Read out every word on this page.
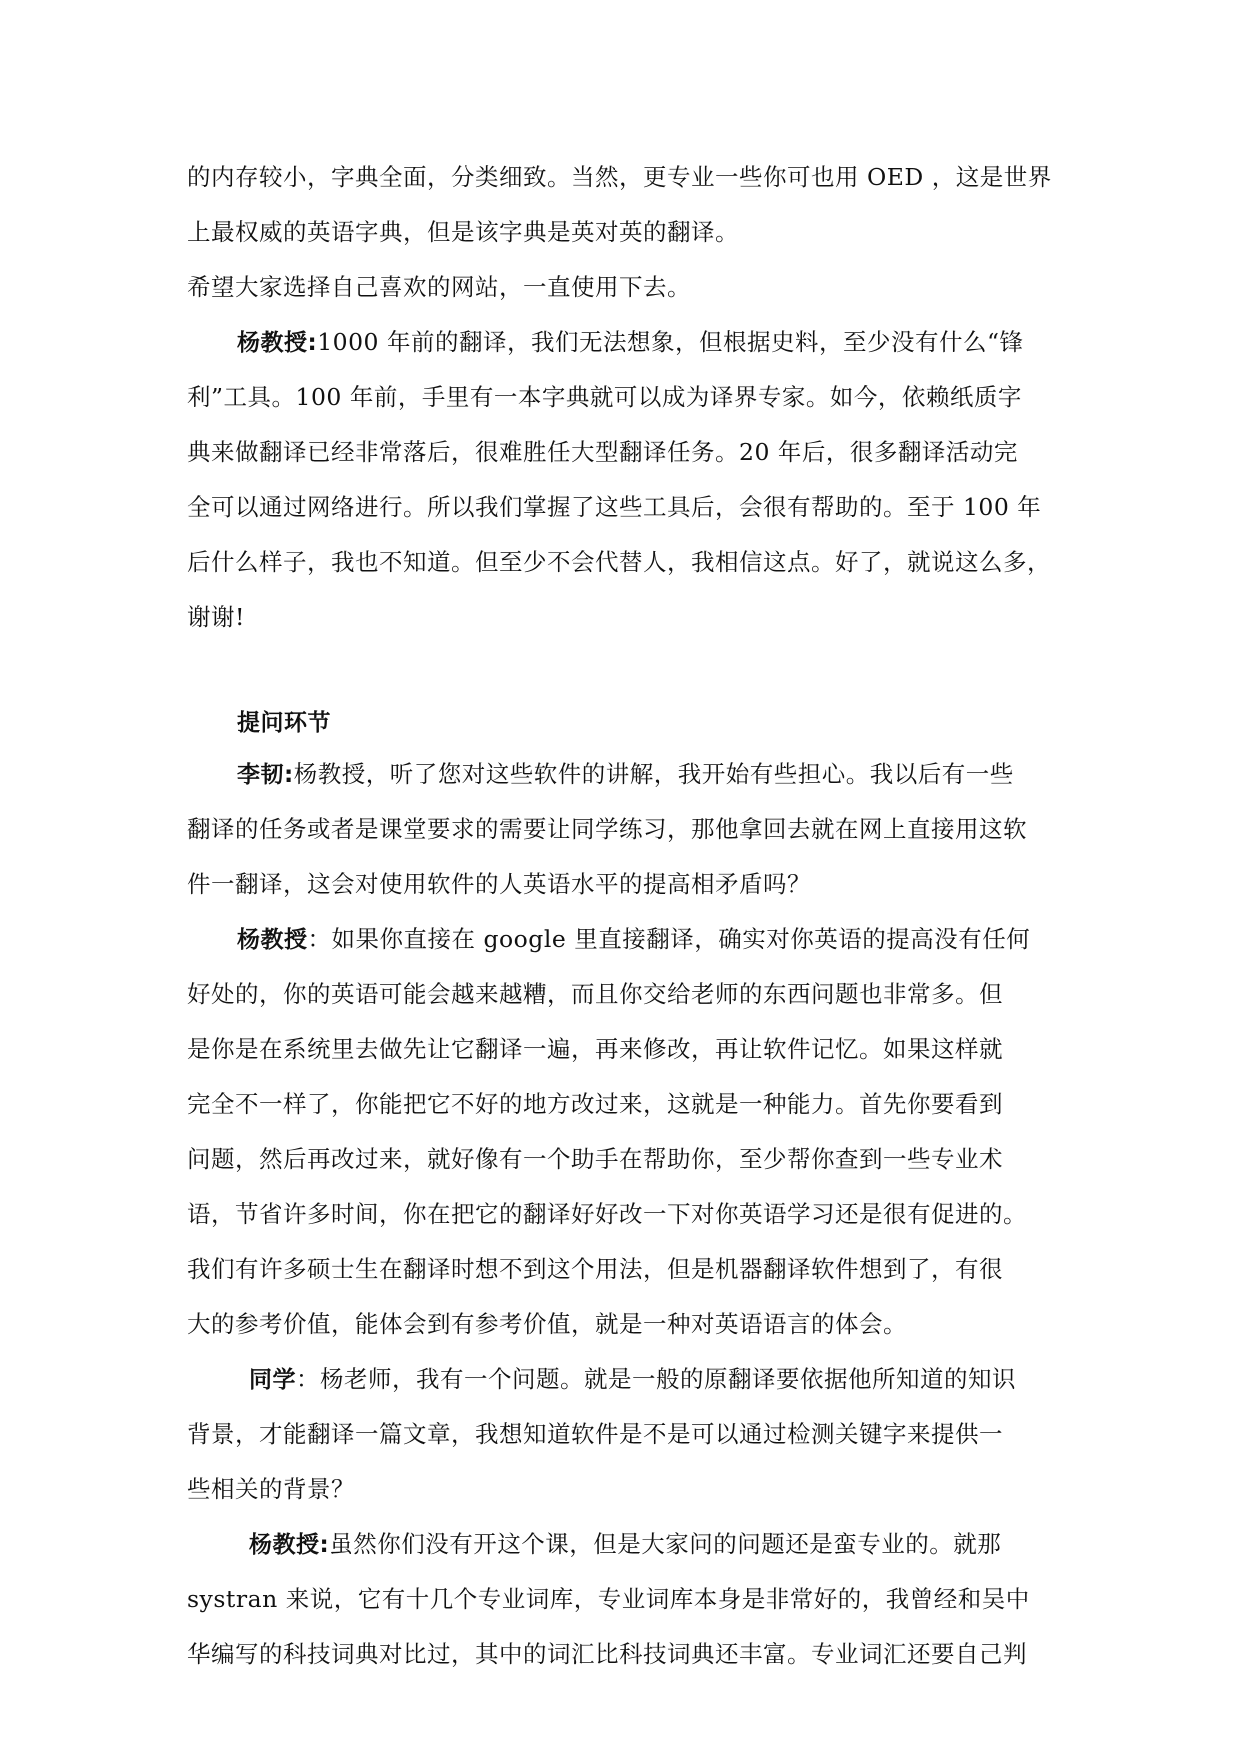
的内存较小，字典全面，分类细致。当然，更专业一些你可也用 OED ，这是世界
上最权威的英语字典，但是该字典是英对英的翻译。
希望大家选择自己喜欢的网站，一直使用下去。
杨教授:1000 年前的翻译，我们无法想象，但根据史料，至少没有什么“锋
利”工具。100 年前，手里有一本字典就可以成为译界专家。如今，依赖纸质字
典来做翻译已经非常落后，很难胜任大型翻译任务。20 年后，很多翻译活动完
全可以通过网络进行。所以我们掌握了这些工具后，会很有帮助的。至于 100 年
后什么样子，我也不知道。但至少不会代替人，我相信这点。好了，就说这么多，
谢谢!
提问环节
李韧:杨教授，听了您对这些软件的讲解，我开始有些担心。我以后有一些
翻译的任务或者是课堂要求的需要让同学练习，那他拿回去就在网上直接用这软
件一翻译，这会对使用软件的人英语水平的提高相矛盾吗？
杨教授：如果你直接在 google 里直接翻译，确实对你英语的提高没有任何
好处的，你的英语可能会越来越糟，而且你交给老师的东西问题也非常多。但
是你是在系统里去做先让它翻译一遍，再来修改，再让软件记忆。如果这样就
完全不一样了，你能把它不好的地方改过来，这就是一种能力。首先你要看到
问题，然后再改过来，就好像有一个助手在帮助你，至少帮你查到一些专业术
语，节省许多时间，你在把它的翻译好好改一下对你英语学习还是很有促进的。
我们有许多硕士生在翻译时想不到这个用法，但是机器翻译软件想到了，有很
大的参考价值，能体会到有参考价值，就是一种对英语语言的体会。
同学：杨老师，我有一个问题。就是一般的原翻译要依据他所知道的知识
背景，才能翻译一篇文章，我想知道软件是不是可以通过检测关键字来提供一
些相关的背景？
杨教授:虽然你们没有开这个课，但是大家问的问题还是蛮专业的。就那
systran 来说，它有十几个专业词库，专业词库本身是非常好的，我曾经和吴中
华编写的科技词典对比过，其中的词汇比科技词典还丰富。专业词汇还要自己判
